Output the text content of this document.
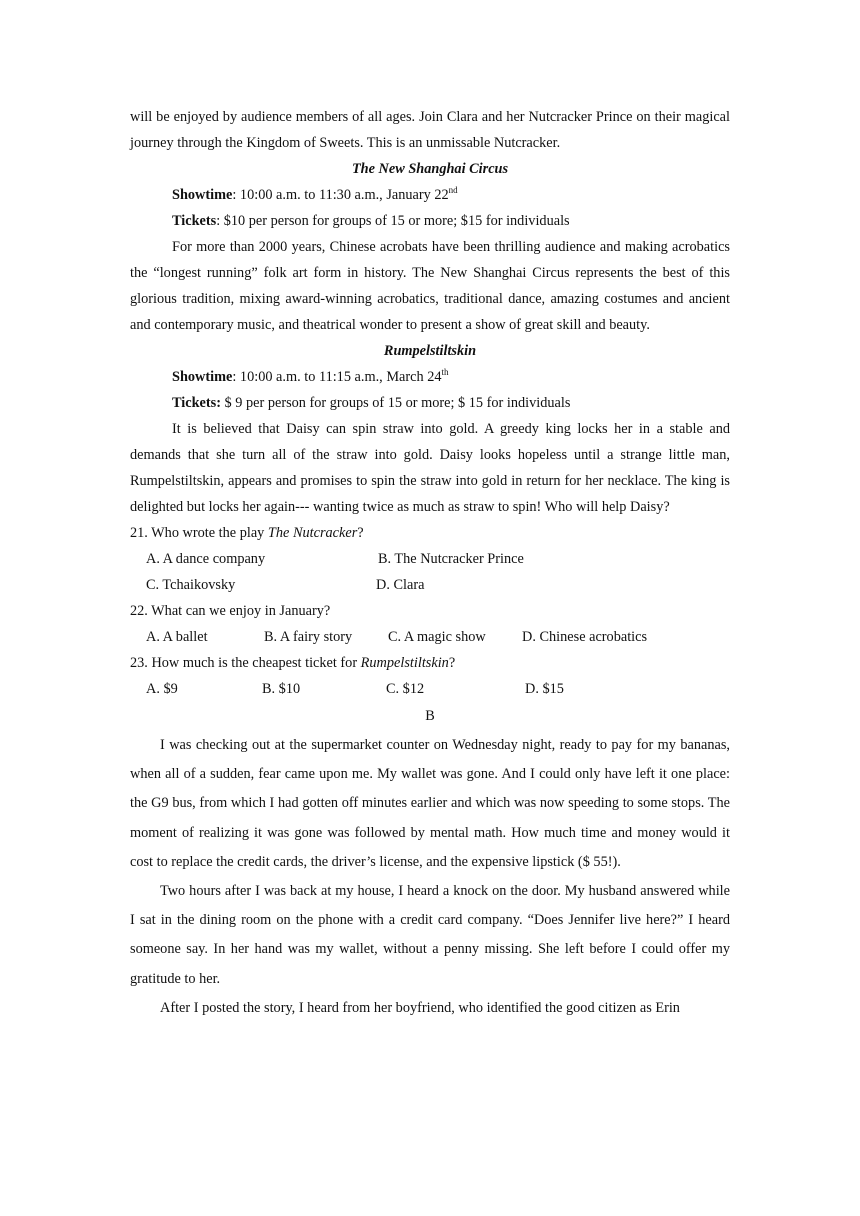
will be enjoyed by audience members of all ages. Join Clara and her Nutcracker Prince on their magical journey through the Kingdom of Sweets. This is an unmissable Nutcracker.

The New Shanghai Circus

Showtime: 10:00 a.m. to 11:30 a.m., January 22nd

Tickets: $10 per person for groups of 15 or more; $15 for individuals

For more than 2000 years, Chinese acrobats have been thrilling audience and making acrobatics the “longest running” folk art form in history. The New Shanghai Circus represents the best of this glorious tradition, mixing award-winning acrobatics, traditional dance, amazing costumes and ancient and contemporary music, and theatrical wonder to present a show of great skill and beauty.

Rumpelstiltskin

Showtime: 10:00 a.m. to 11:15 a.m., March 24th

Tickets: $ 9 per person for groups of 15 or more; $ 15 for individuals

It is believed that Daisy can spin straw into gold. A greedy king locks her in a stable and demands that she turn all of the straw into gold. Daisy looks hopeless until a strange little man, Rumpelstiltskin, appears and promises to spin the straw into gold in return for her necklace. The king is delighted but locks her again--- wanting twice as much as straw to spin! Who will help Daisy?

21. Who wrote the play The Nutcracker?

A. A dance company	B. The Nutcracker Prince
C. Tchaikovsky	D. Clara

22. What can we enjoy in January?

A. A ballet	B. A fairy story	C. A magic show	D. Chinese acrobatics

23. How much is the cheapest ticket for Rumpelstiltskin?

A. $9	B. $10	C. $12	D. $15

B

I was checking out at the supermarket counter on Wednesday night, ready to pay for my bananas, when all of a sudden, fear came upon me. My wallet was gone. And I could only have left it one place: the G9 bus, from which I had gotten off minutes earlier and which was now speeding to some stops. The moment of realizing it was gone was followed by mental math. How much time and money would it cost to replace the credit cards, the driver’s license, and the expensive lipstick ($ 55!).

Two hours after I was back at my house, I heard a knock on the door. My husband answered while I sat in the dining room on the phone with a credit card company. “Does Jennifer live here?” I heard someone say. In her hand was my wallet, without a penny missing. She left before I could offer my gratitude to her.

After I posted the story, I heard from her boyfriend, who identified the good citizen as Erin
